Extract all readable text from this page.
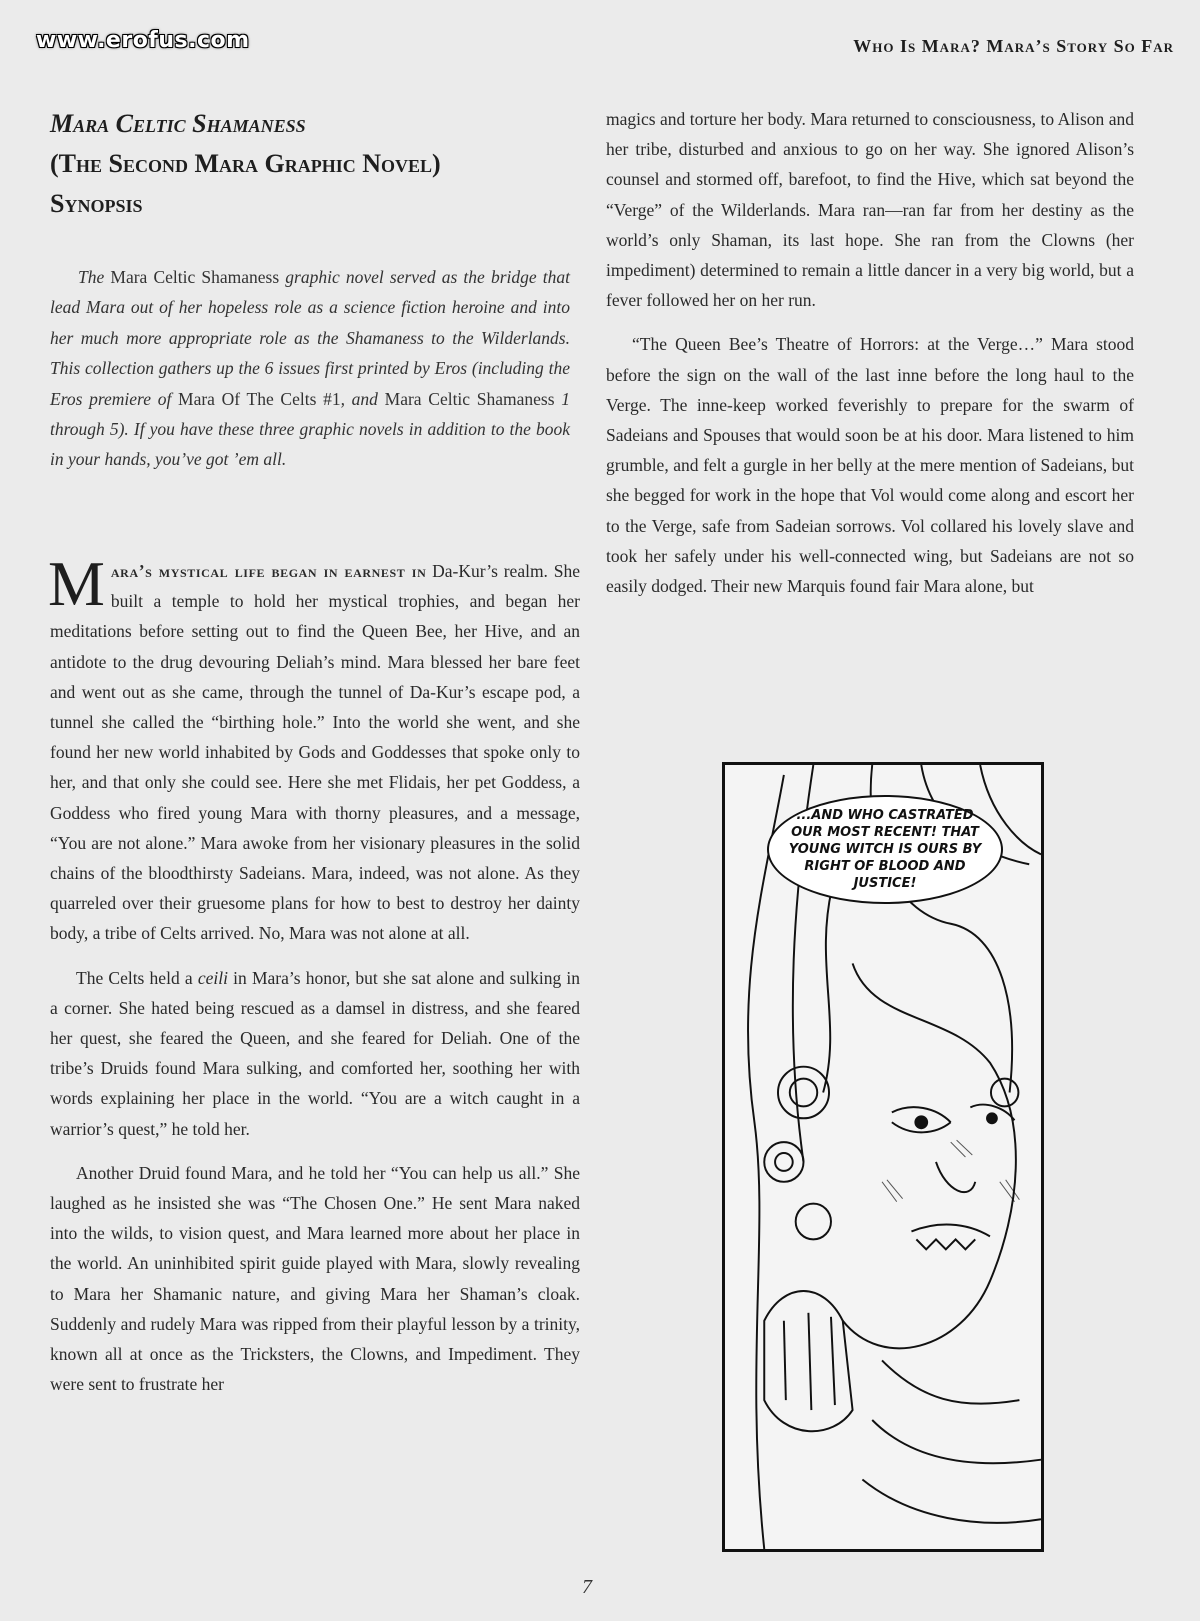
www.erofus.com	Who Is Mara? Mara’s Story So Far
Mara Celtic Shamaness
(The Second Mara Graphic Novel)
Synopsis

The Mara Celtic Shamaness graphic novel served as the bridge that lead Mara out of her hopeless role as a science fiction heroine and into her much more appropriate role as the Shamaness to the Wilderlands. This collection gathers up the 6 issues first printed by Eros (including the Eros premiere of Mara Of The Celts #1, and Mara Celtic Shamaness 1 through 5). If you have these three graphic novels in addition to the book in your hands, you’ve got ’em all.

Mara’s mystical life began in earnest in Da-Kur’s realm. She built a temple to hold her mystical trophies, and began her meditations before setting out to find the Queen Bee, her Hive, and an antidote to the drug devouring Deliah’s mind. Mara blessed her bare feet and went out as she came, through the tunnel of Da-Kur’s escape pod, a tunnel she called the “birthing hole.” Into the world she went, and she found her new world inhabited by Gods and Goddesses that spoke only to her, and that only she could see. Here she met Flidais, her pet Goddess, a Goddess who fired young Mara with thorny pleasures, and a message, “You are not alone.” Mara awoke from her visionary pleasures in the solid chains of the bloodthirsty Sadeians. Mara, indeed, was not alone. As they quarreled over their gruesome plans for how to best to destroy her dainty body, a tribe of Celts arrived. No, Mara was not alone at all.

The Celts held a ceili in Mara’s honor, but she sat alone and sulking in a corner. She hated being rescued as a damsel in distress, and she feared her quest, she feared the Queen, and she feared for Deliah. One of the tribe’s Druids found Mara sulking, and comforted her, soothing her with words explaining her place in the world. “You are a witch caught in a warrior’s quest,” he told her.

Another Druid found Mara, and he told her “You can help us all.” She laughed as he insisted she was “The Chosen One.” He sent Mara naked into the wilds, to vision quest, and Mara learned more about her place in the world. An uninhibited spirit guide played with Mara, slowly revealing to Mara her Shamanic nature, and giving Mara her Shaman’s cloak. Suddenly and rudely Mara was ripped from their playful lesson by a trinity, known all at once as the Tricksters, the Clowns, and Impediment. They were sent to frustrate her

magics and torture her body. Mara returned to consciousness, to Alison and her tribe, disturbed and anxious to go on her way. She ignored Alison’s counsel and stormed off, barefoot, to find the Hive, which sat beyond the “Verge” of the Wilderlands. Mara ran—ran far from her destiny as the world’s only Shaman, its last hope. She ran from the Clowns (her impediment) determined to remain a little dancer in a very big world, but a fever followed her on her run.

“The Queen Bee’s Theatre of Horrors: at the Verge…” Mara stood before the sign on the wall of the last inne before the long haul to the Verge. The inne-keep worked feverishly to prepare for the swarm of Sadeians and Spouses that would soon be at his door. Mara listened to him grumble, and felt a gurgle in her belly at the mere mention of Sadeians, but she begged for work in the hope that Vol would come along and escort her to the Verge, safe from Sadeian sorrows. Vol collared his lovely slave and took her safely under his well-connected wing, but Sadeians are not so easily dodged. Their new Marquis found fair Mara alone, but

...AND WHO CASTRATED OUR MOST RECENT! THAT YOUNG WITCH IS OURS BY RIGHT OF BLOOD AND JUSTICE!
7
